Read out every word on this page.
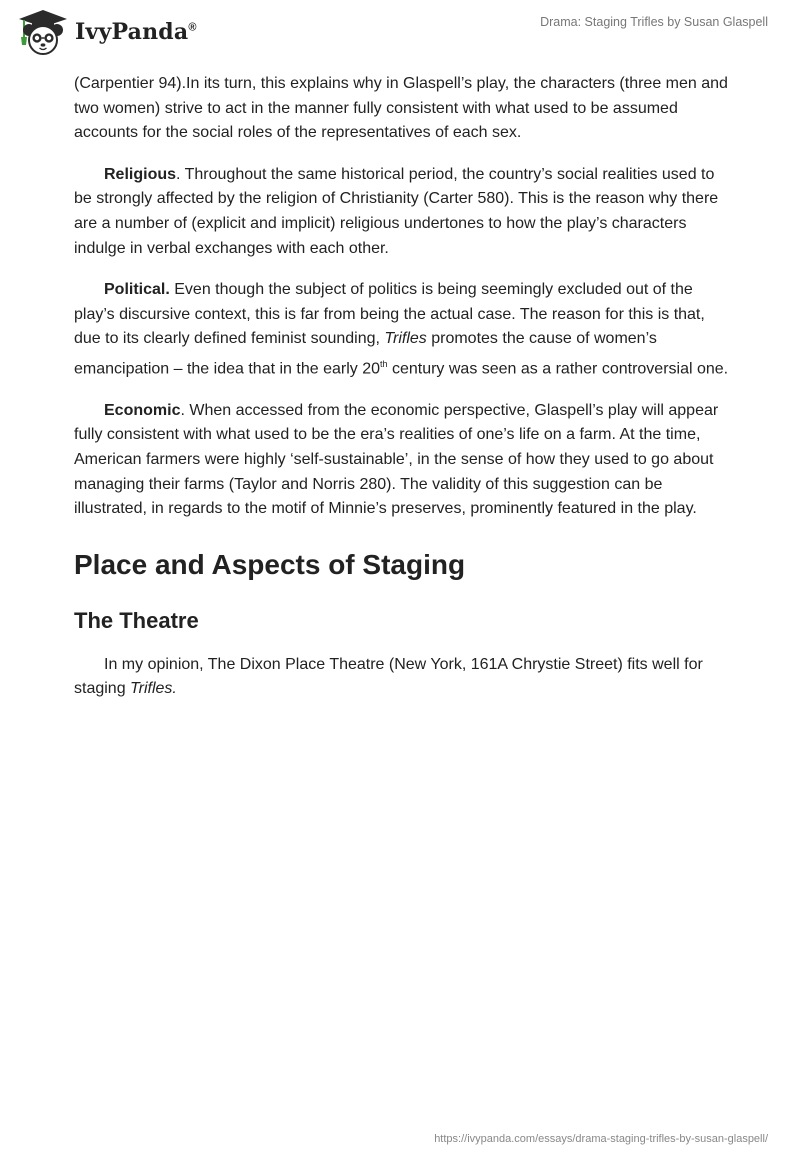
IvyPanda®	Drama: Staging Trifles by Susan Glaspell

(Carpentier 94).In its turn, this explains why in Glaspell’s play, the characters (three men and two women) strive to act in the manner fully consistent with what used to be assumed accounts for the social roles of the representatives of each sex.

Religious. Throughout the same historical period, the country’s social realities used to be strongly affected by the religion of Christianity (Carter 580). This is the reason why there are a number of (explicit and implicit) religious undertones to how the play’s characters indulge in verbal exchanges with each other.

Political. Even though the subject of politics is being seemingly excluded out of the play’s discursive context, this is far from being the actual case. The reason for this is that, due to its clearly defined feminist sounding, Trifles promotes the cause of women’s emancipation – the idea that in the early 20th century was seen as a rather controversial one.

Economic. When accessed from the economic perspective, Glaspell’s play will appear fully consistent with what used to be the era’s realities of one’s life on a farm. At the time, American farmers were highly ‘self-sustainable’, in the sense of how they used to go about managing their farms (Taylor and Norris 280). The validity of this suggestion can be illustrated, in regards to the motif of Minnie’s preserves, prominently featured in the play.

Place and Aspects of Staging
The Theatre

In my opinion, The Dixon Place Theatre (New York, 161A Chrystie Street) fits well for staging Trifles.

https://ivypanda.com/essays/drama-staging-trifles-by-susan-glaspell/
